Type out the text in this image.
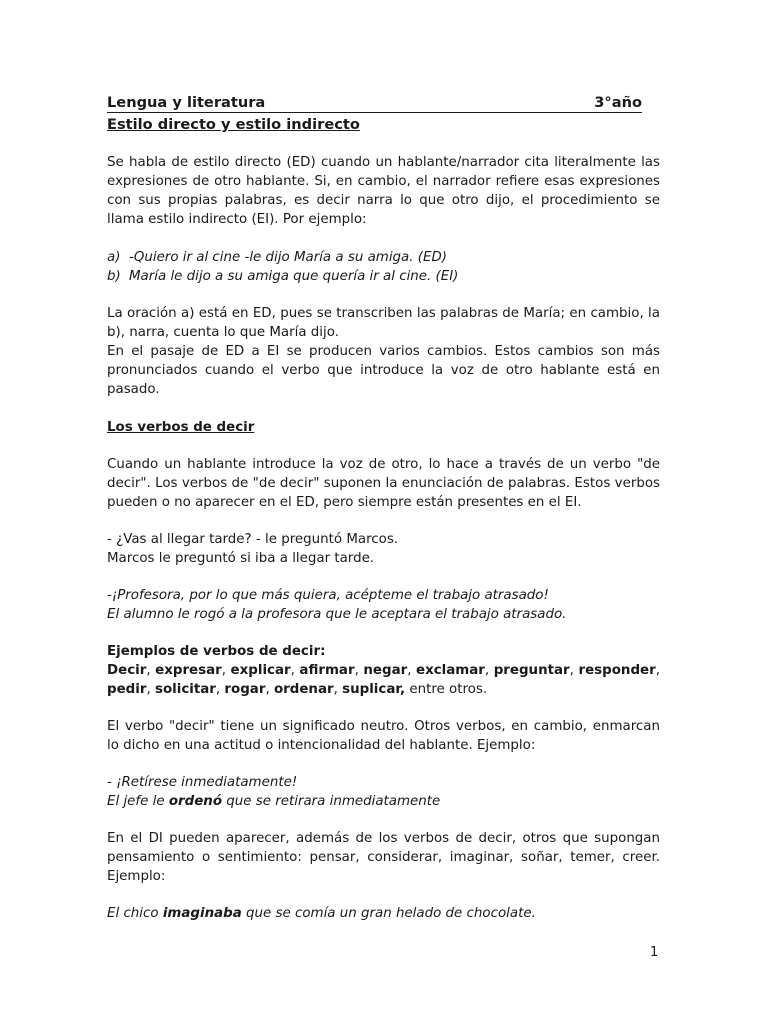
Lengua y literatura	3°año
Estilo directo y estilo indirecto

Se habla de estilo directo (ED) cuando un hablante/narrador cita literalmente las expresiones de otro hablante. Si, en cambio, el narrador refiere esas expresiones con sus propias palabras, es decir narra lo que otro dijo, el procedimiento se llama estilo indirecto (EI). Por ejemplo:

a) -Quiero ir al cine -le dijo María a su amiga. (ED)
b) María le dijo a su amiga que quería ir al cine. (EI)

La oración a) está en ED, pues se transcriben las palabras de María; en cambio, la b), narra, cuenta lo que María dijo.

En el pasaje de ED a EI se producen varios cambios. Estos cambios son más pronunciados cuando el verbo que introduce la voz de otro hablante está en pasado.

Los verbos de decir

Cuando un hablante introduce la voz de otro, lo hace a través de un verbo "de decir". Los verbos de "de decir" suponen la enunciación de palabras. Estos verbos pueden o no aparecer en el ED, pero siempre están presentes en el EI.

- ¿Vas al llegar tarde? - le preguntó Marcos.
Marcos le preguntó si iba a llegar tarde.
-¡Profesora, por lo que más quiera, acépteme el trabajo atrasado!
El alumno le rogó a la profesora que le aceptara el trabajo atrasado.
Ejemplos de verbos de decir:

Decir, expresar, explicar, afirmar, negar, exclamar, preguntar, responder, pedir, solicitar, rogar, ordenar, suplicar, entre otros.

El verbo "decir" tiene un significado neutro. Otros verbos, en cambio, enmarcan lo dicho en una actitud o intencionalidad del hablante. Ejemplo:

- ¡Retírese inmediatamente!
El jefe le ordenó que se retirara inmediatamente

En el DI pueden aparecer, además de los verbos de decir, otros que supongan pensamiento o sentimiento: pensar, considerar, imaginar, soñar, temer, creer. Ejemplo:

El chico imaginaba que se comía un gran helado de chocolate.
1
